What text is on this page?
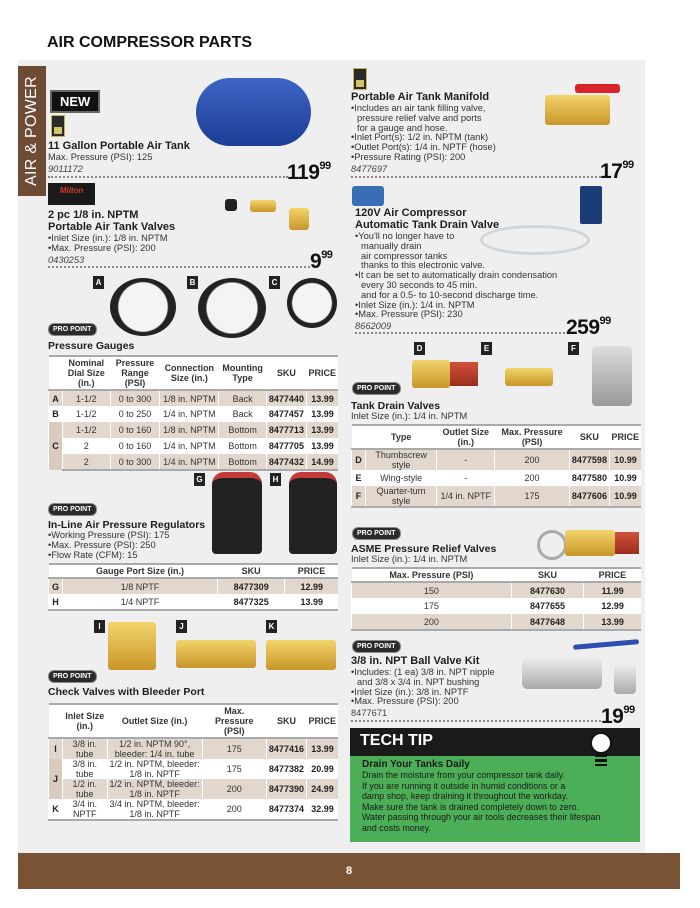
AIR COMPRESSOR PARTS
AIR & POWER	NEW
11 Gallon Portable Air Tank
Max. Pressure (PSI): 125
9011172	$119^{99}$
Milton
2 pc 1/8 in. NPTM
Portable Air Tank Valves
•Inlet Size (in.): 1/8 in. NPTM
•Max. Pressure (PSI): 200
0430253	$9^{99}$
A	B	C
PRO POINT
Pressure Gauges
	Nominal Dial Size (in.)	Pressure Range (PSI)	Connection Size (in.)	Mounting Type	SKU	PRICE
A	1-1/2	0 to 300	1/8 in. NPTM	Back	8477440	13.99
B	1-1/2	0 to 250	1/4 in. NPTM	Back	8477457	13.99
C	1-1/2	0 to 160	1/8 in. NPTM	Bottom	8477713	13.99
	2	0 to 160	1/4 in. NPTM	Bottom	8477705	13.99
	2	0 to 300	1/4 in. NPTM	Bottom	8477432	14.99
G	H
PRO POINT
In-Line Air Pressure Regulators
•Working Pressure (PSI): 175
•Max. Pressure (PSI): 250
•Flow Rate (CFM): 15
	Gauge Port Size (in.)	SKU	PRICE
G	1/8 NPTF	8477309	12.99
H	1/4 NPTF	8477325	13.99
I	J	K
PRO POINT
Check Valves with Bleeder Port
	Inlet Size (in.)	Outlet Size (in.)	Max. Pressure (PSI)	SKU	PRICE
I	3/8 in. tube	1/2 in. NPTM 90°, bleeder: 1/4 in. tube	175	8477416	13.99
J	3/8 in. tube	1/2 in. NPTM, bleeder: 1/8 in. NPTF	175	8477382	20.99
	1/2 in. tube	1/2 in. NPTM, bleeder: 1/8 in. NPTF	200	8477390	24.99
K	3/4 in. NPTF	3/4 in. NPTM, bleeder: 1/8 in. NPTF	200	8477374	32.99
Portable Air Tank Manifold
•Includes an air tank filling valve,
pressure relief valve and ports
for a gauge and hose.
•Inlet Port(s): 1/2 in. NPTM (tank)
•Outlet Port(s): 1/4 in. NPTF (hose)
•Pressure Rating (PSI): 200
8477697	$17^{99}$
120V Air Compressor
Automatic Tank Drain Valve
•You'll no longer have to
manually drain
air compressor tanks
thanks to this electronic valve.
•It can be set to automatically drain condensation
every 30 seconds to 45 min.
and for a 0.5- to 10-second discharge time.
•Inlet Size (in.): 1/4 in. NPTM
•Max. Pressure (PSI): 230
8662009	$259^{99}$
D	E	F
PRO POINT
Tank Drain Valves
Inlet Size (in.): 1/4 in. NPTM
	Type	Outlet Size (in.)	Max. Pressure (PSI)	SKU	PRICE
D	Thumbscrew style	-	200	8477598	10.99
E	Wing-style	-	200	8477580	10.99
F	Quarter-turn style	1/4 in. NPTF	175	8477606	10.99
PRO POINT
ASME Pressure Relief Valves
Inlet Size (in.): 1/4 in. NPTM
Max. Pressure (PSI)	SKU	PRICE
150	8477630	11.99
175	8477655	12.99
200	8477648	13.99
PRO POINT
3/8 in. NPT Ball Valve Kit
•Includes: (1 ea) 3/8 in. NPT nipple
and 3/8 x 3/4 in. NPT bushing
•Inlet Size (in.): 3/8 in. NPTF
•Max. Pressure (PSI): 200
8477671	$19^{99}$
TECH TIP
Drain Your Tanks Daily
Drain the moisture from your compressor tank daily.
If you are running it outside in humid conditions or a
damp shop, keep draining it throughout the workday.
Make sure the tank is drained completely down to zero.
Water passing through your air tools decreases their lifespan
and costs money.
8
